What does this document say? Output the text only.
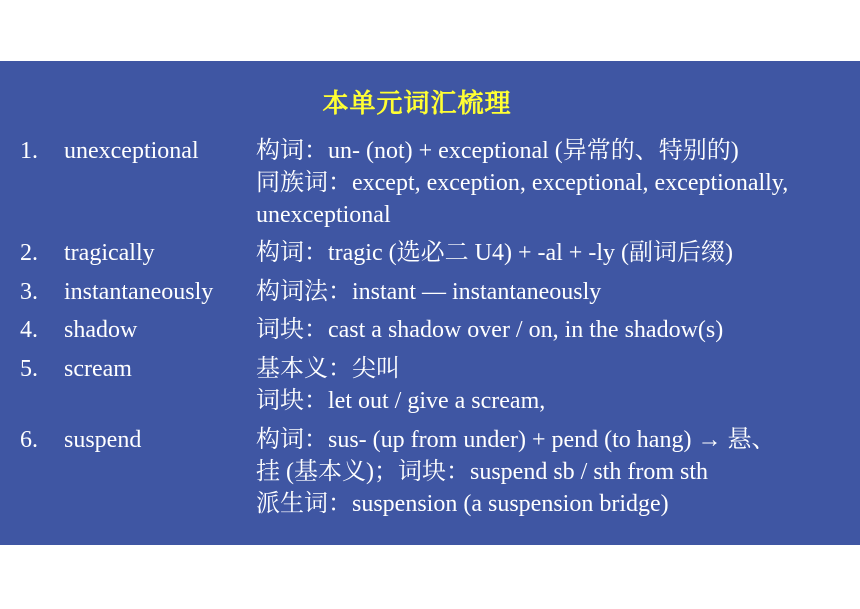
本单元词汇梳理
1. unexceptional 构词：un- (not) + exceptional (异常的、特别的)
同族词：except, exception, exceptional, exceptionally,
unexceptional
2. tragically	构词：tragic (选必二 U4) + -al + -ly (副词后缀)
3. instantaneously 构词法：instant — instantaneously
4. shadow	词块：cast a shadow over / on, in the shadow(s)
5. scream	基本义：尖叫
词块：let out / give a scream,
6. suspend	构词：sus- (up from under) + pend (to hang) → 悬、
挂 (基本义)；词块：suspend sb / sth from sth
派生词：suspension (a suspension bridge)
